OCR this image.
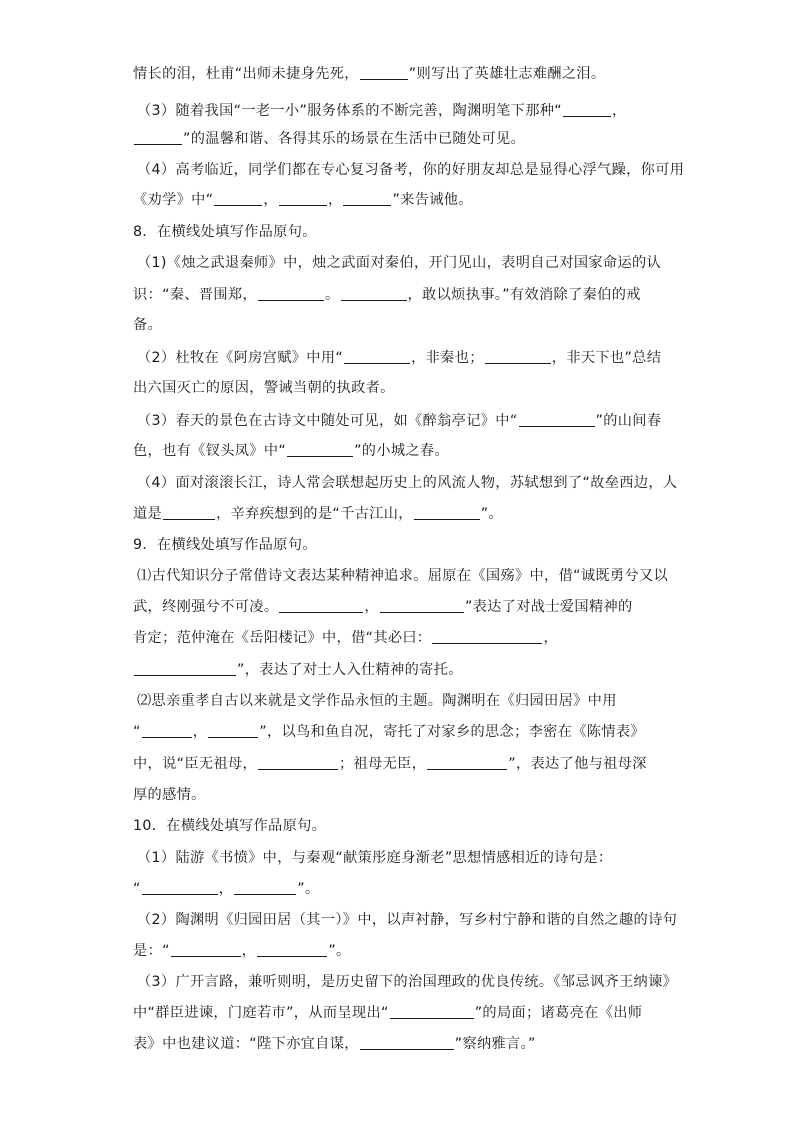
情长的泪，杜甫“出师未捷身先死，	”则写出了英雄壮志难酬之泪。
（3）随着我国“一老一小”服务体系的不断完善，陶渊明笔下那种“	，
”的温馨和谐、各得其乐的场景在生活中已随处可见。
（4）高考临近，同学们都在专心复习备考，你的好朋友却总是显得心浮气躁，你可用
《劝学》中“	，	，	”来告诫他。
8．在横线处填写作品原句。
（1)《烛之武退秦师》中，烛之武面对秦伯，开门见山，表明自己对国家命运的认
识：“秦、晋围郑，	。	，敢以烦执事。”有效消除了秦伯的戒
备。
（2）杜牧在《阿房宫赋》中用“	，非秦也；	，非天下也”总结
出六国灭亡的原因，警诫当朝的执政者。
（3）春天的景色在古诗文中随处可见，如《醉翁亭记》中“	”的山间春
色，也有《钗头凤》中“	”的小城之春。
（4）面对滚滚长江，诗人常会联想起历史上的风流人物，苏轼想到了“故垒西边，人
道是	，辛弃疾想到的是“千古江山，	”。
9．在横线处填写作品原句。
⑴古代知识分子常借诗文表达某种精神追求。屈原在《国殇》中，借“诚既勇兮又以
武，终刚强兮不可凌。	，	”表达了对战士爱国精神的
肯定；范仲淹在《岳阳楼记》中，借“其必曰：	，
”，表达了对士人入仕精神的寄托。
⑵思亲重孝自古以来就是文学作品永恒的主题。陶渊明在《归园田居》中用
“	，	”，以鸟和鱼自况，寄托了对家乡的思念；李密在《陈情表》
中，说“臣无祖母，	；祖母无臣，	”，表达了他与祖母深
厚的感情。
10．在横线处填写作品原句。
（1）陆游《书愤》中，与秦观“献策彤庭身渐老”思想情感相近的诗句是：
“	，	”。
（2）陶渊明《归园田居（其一）》中，以声衬静，写乡村宁静和谐的自然之趣的诗句
是：“	，	”。
（3）广开言路，兼听则明，是历史留下的治国理政的优良传统。《邹忌讽齐王纳谏》
中“群臣进谏，门庭若市”，从而呈现出“	”的局面；诸葛亮在《出师
表》中也建议道：“陛下亦宜自谋，	”察纳雅言。”
